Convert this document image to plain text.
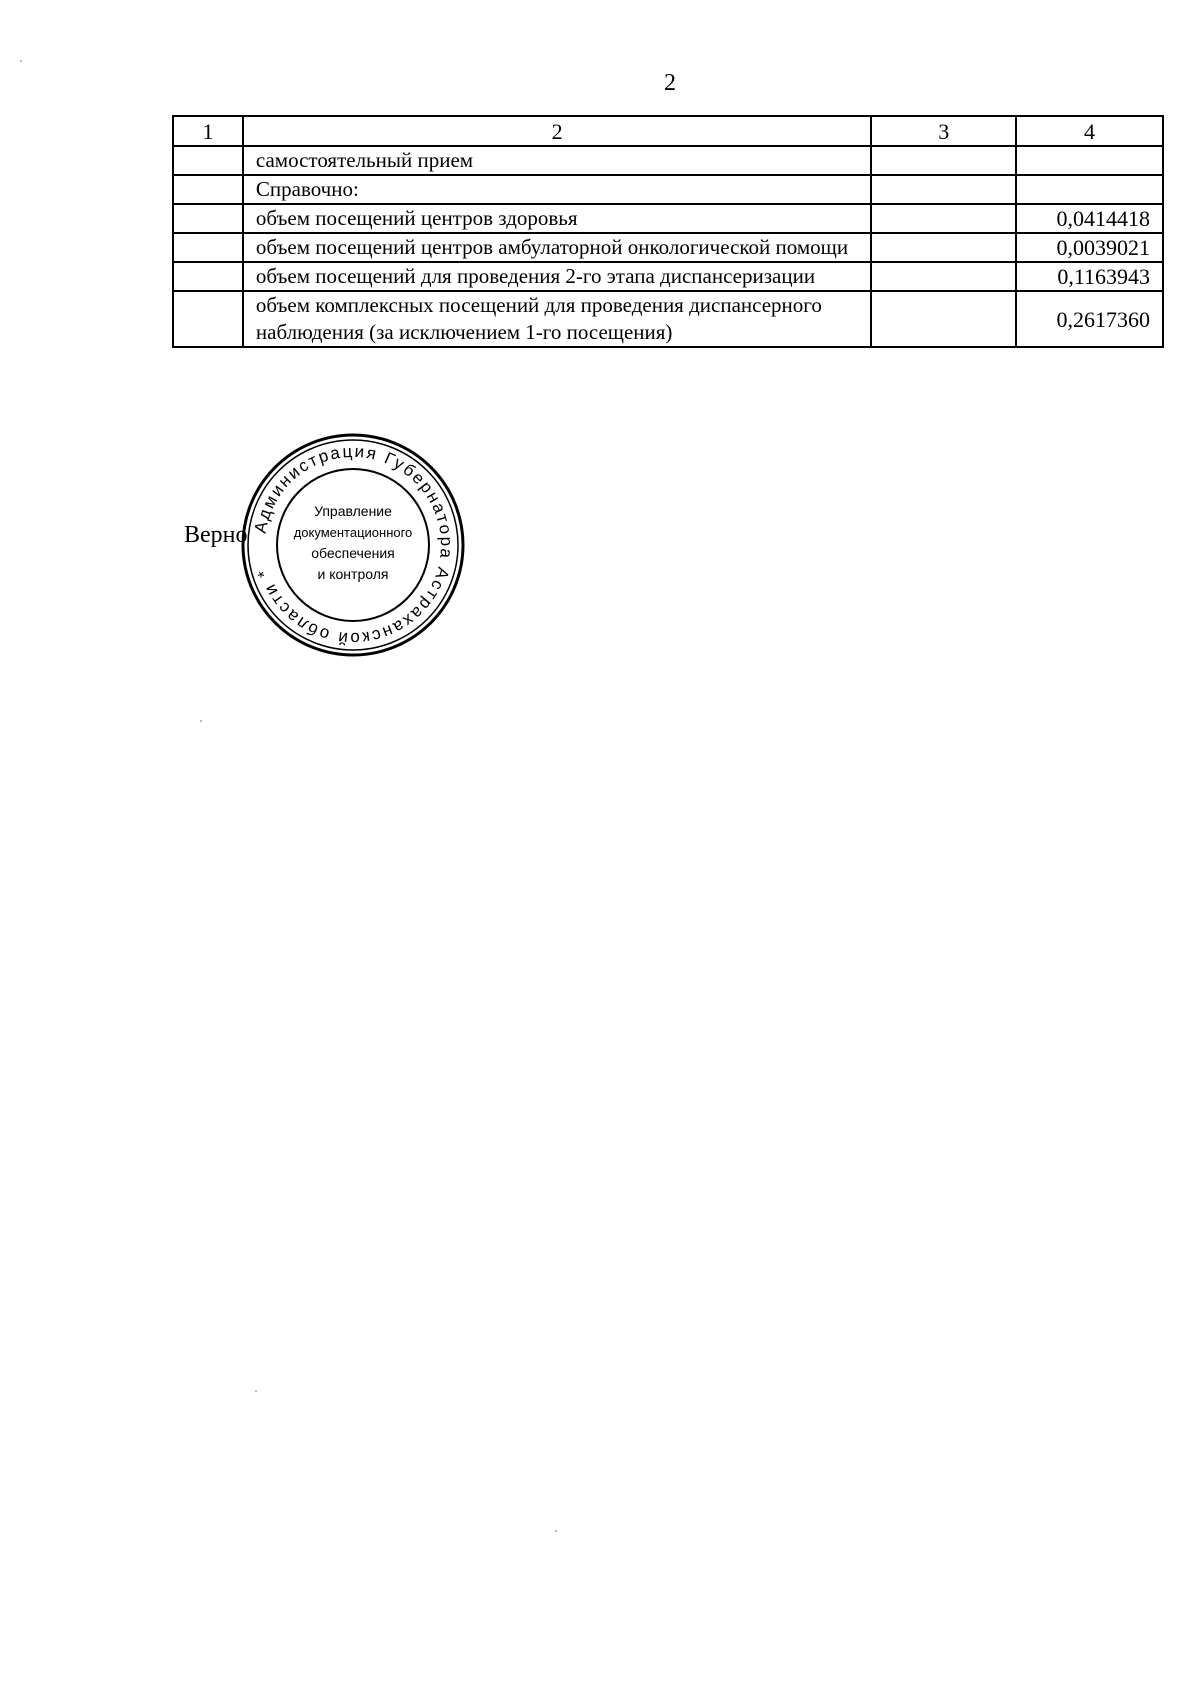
2
1	2	3	4
	самостоятельный прием		
	Справочно:		
	объем посещений центров здоровья		0,0414418
	объем посещений центров амбулаторной онкологической помощи		0,0039021
	объем посещений для проведения 2-го этапа диспансеризации		0,1163943
	объем комплексных посещений для проведения диспансерного наблюдения (за исключением 1-го посещения)		0,2617360
Верно Администрация Губернатора Астраханской области *
Управление
документационного
обеспечения
и контроля
